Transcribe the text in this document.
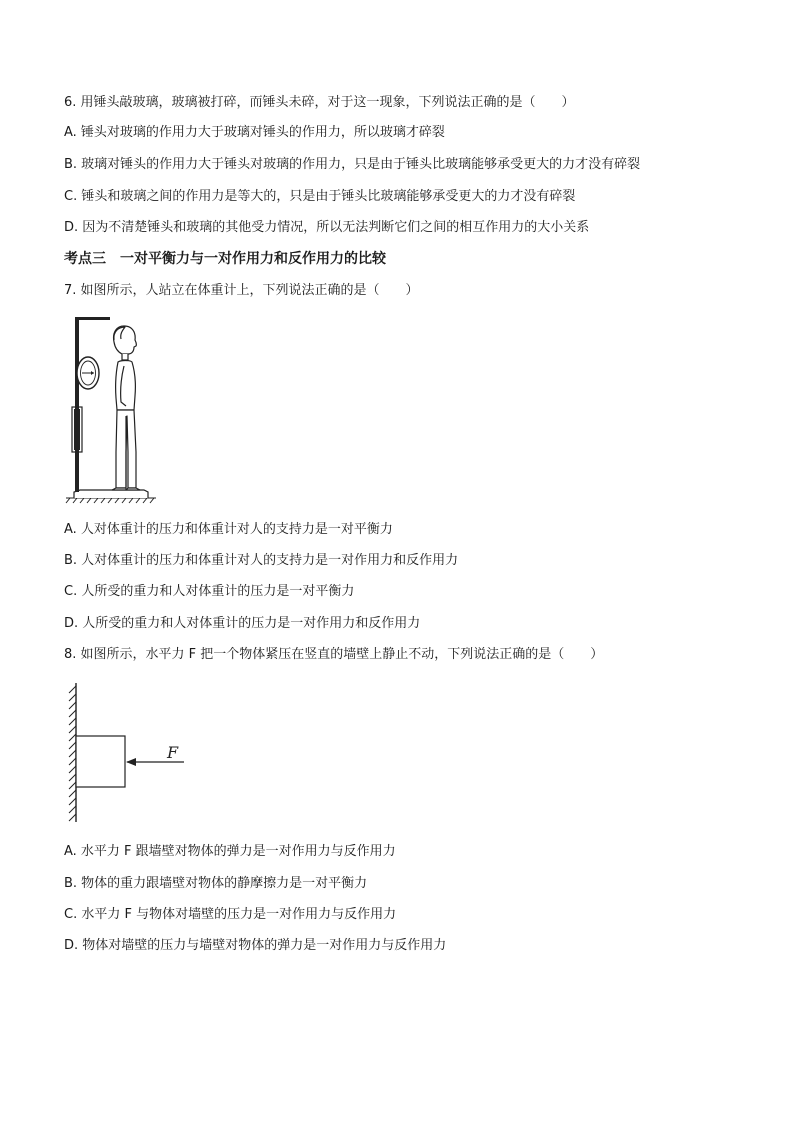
6. 用锤头敲玻璃，玻璃被打碎，而锤头未碎，对于这一现象，下列说法正确的是（　　）
A. 锤头对玻璃的作用力大于玻璃对锤头的作用力，所以玻璃才碎裂
B. 玻璃对锤头的作用力大于锤头对玻璃的作用力，只是由于锤头比玻璃能够承受更大的力才没有碎裂
C. 锤头和玻璃之间的作用力是等大的，只是由于锤头比玻璃能够承受更大的力才没有碎裂
D. 因为不清楚锤头和玻璃的其他受力情况，所以无法判断它们之间的相互作用力的大小关系
考点三　一对平衡力与一对作用力和反作用力的比较
7. 如图所示，人站立在体重计上，下列说法正确的是（　　）
A. 人对体重计的压力和体重计对人的支持力是一对平衡力
B. 人对体重计的压力和体重计对人的支持力是一对作用力和反作用力
C. 人所受的重力和人对体重计的压力是一对平衡力
D. 人所受的重力和人对体重计的压力是一对作用力和反作用力
8. 如图所示，水平力 F 把一个物体紧压在竖直的墙壁上静止不动，下列说法正确的是（　　）
F
A. 水平力 F 跟墙壁对物体的弹力是一对作用力与反作用力
B. 物体的重力跟墙壁对物体的静摩擦力是一对平衡力
C. 水平力 F 与物体对墙壁的压力是一对作用力与反作用力
D. 物体对墙壁的压力与墙壁对物体的弹力是一对作用力与反作用力
